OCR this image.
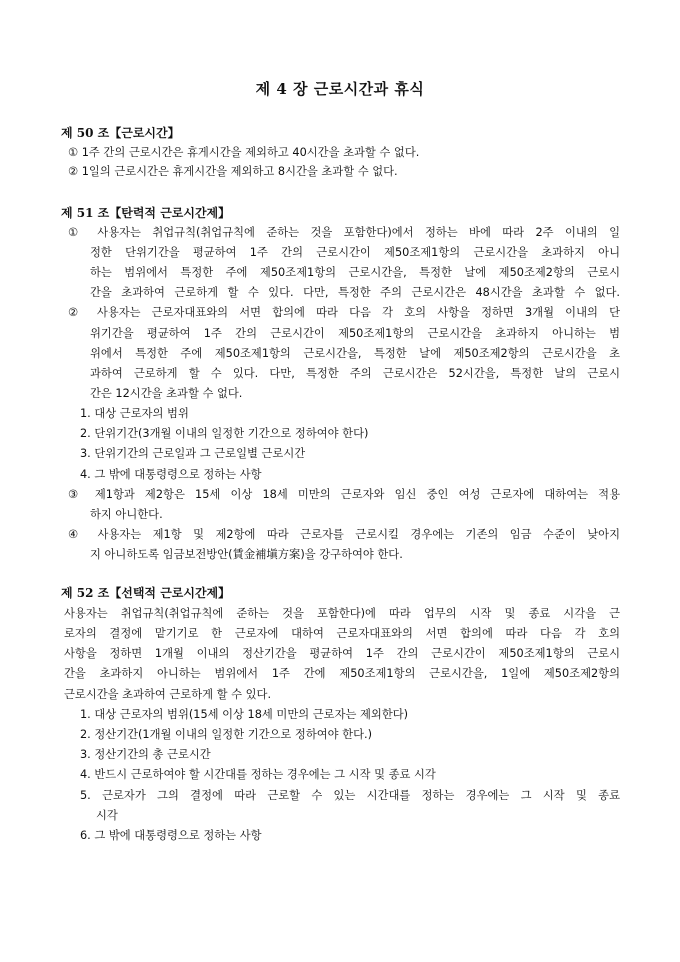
제 4 장 근로시간과 휴식
제 50 조【근로시간】
① 1주 간의 근로시간은 휴게시간을 제외하고 40시간을 초과할 수 없다.
② 1일의 근로시간은 휴게시간을 제외하고 8시간을 초과할 수 없다.
제 51 조【탄력적 근로시간제】
① 사용자는 취업규칙(취업규칙에 준하는 것을 포함한다)에서 정하는 바에 따라 2주 이내의 일
정한 단위기간을 평균하여 1주 간의 근로시간이 제50조제1항의 근로시간을 초과하지 아니
하는 범위에서 특정한 주에 제50조제1항의 근로시간을, 특정한 날에 제50조제2항의 근로시
간을 초과하여 근로하게 할 수 있다. 다만, 특정한 주의 근로시간은 48시간을 초과할 수 없다.
② 사용자는 근로자대표와의 서면 합의에 따라 다음 각 호의 사항을 정하면 3개월 이내의 단
위기간을 평균하여 1주 간의 근로시간이 제50조제1항의 근로시간을 초과하지 아니하는 범
위에서 특정한 주에 제50조제1항의 근로시간을, 특정한 날에 제50조제2항의 근로시간을 초
과하여 근로하게 할 수 있다. 다만, 특정한 주의 근로시간은 52시간을, 특정한 날의 근로시
간은 12시간을 초과할 수 없다.
1. 대상 근로자의 범위
2. 단위기간(3개월 이내의 일정한 기간으로 정하여야 한다)
3. 단위기간의 근로일과 그 근로일별 근로시간
4. 그 밖에 대통령령으로 정하는 사항
③ 제1항과 제2항은 15세 이상 18세 미만의 근로자와 임신 중인 여성 근로자에 대하여는 적용
하지 아니한다.
④ 사용자는 제1항 및 제2항에 따라 근로자를 근로시킬 경우에는 기존의 임금 수준이 낮아지
지 아니하도록 임금보전방안(賃金補塡方案)을 강구하여야 한다.
제 52 조【선택적 근로시간제】
사용자는 취업규칙(취업규칙에 준하는 것을 포함한다)에 따라 업무의 시작 및 종료 시각을 근
로자의 결정에 맡기기로 한 근로자에 대하여 근로자대표와의 서면 합의에 따라 다음 각 호의
사항을 정하면 1개월 이내의 정산기간을 평균하여 1주 간의 근로시간이 제50조제1항의 근로시
간을 초과하지 아니하는 범위에서 1주 간에 제50조제1항의 근로시간을, 1일에 제50조제2항의
근로시간을 초과하여 근로하게 할 수 있다.
1. 대상 근로자의 범위(15세 이상 18세 미만의 근로자는 제외한다)
2. 정산기간(1개월 이내의 일정한 기간으로 정하여야 한다.)
3. 정산기간의 총 근로시간
4. 반드시 근로하여야 할 시간대를 정하는 경우에는 그 시작 및 종료 시각
5. 근로자가 그의 결정에 따라 근로할 수 있는 시간대를 정하는 경우에는 그 시작 및 종료
시각
6. 그 밖에 대통령령으로 정하는 사항
